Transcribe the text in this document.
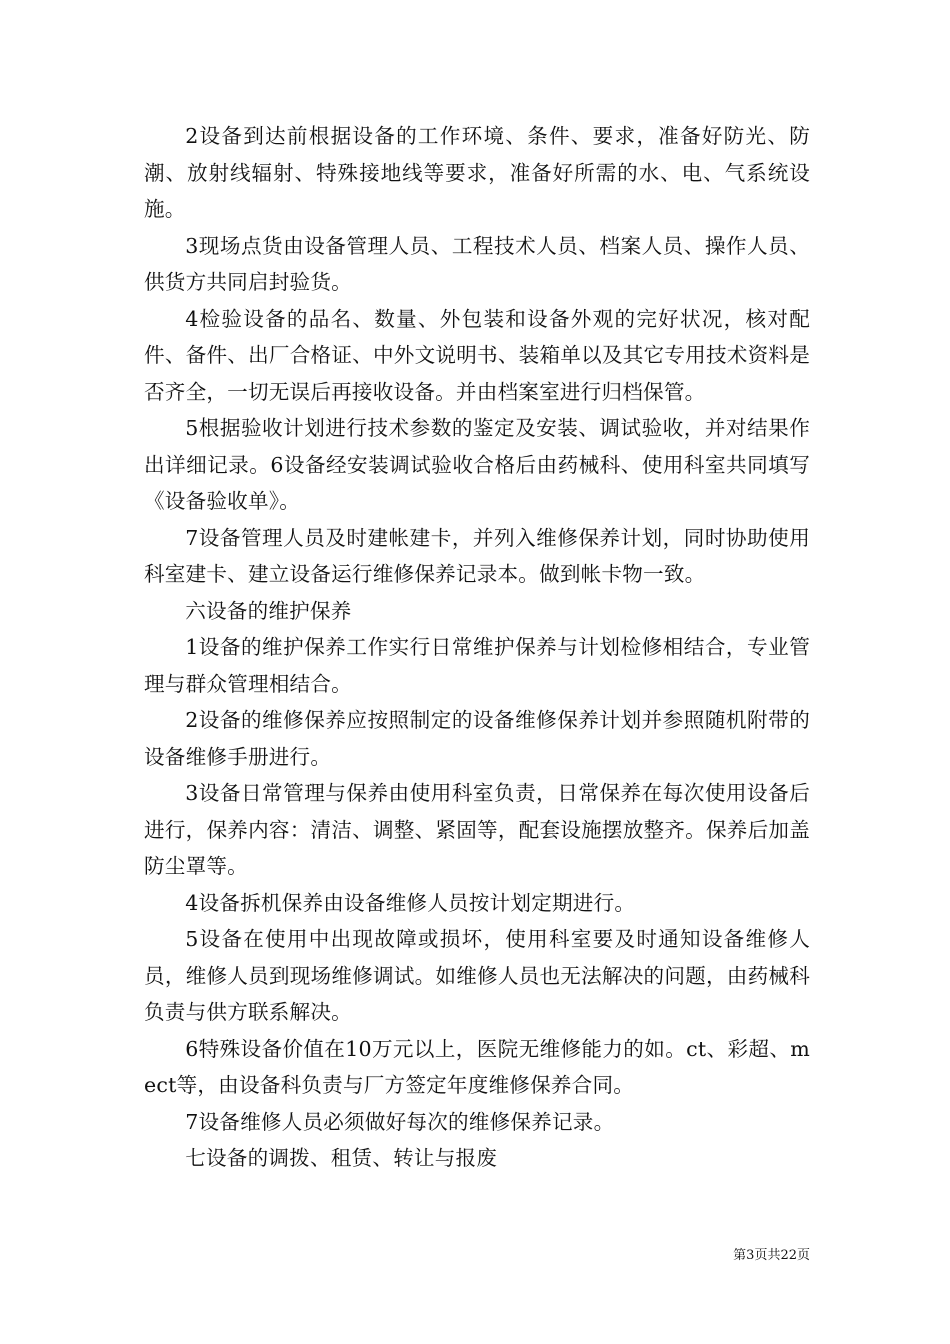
2设备到达前根据设备的工作环境、条件、要求，准备好防光、防潮、放射线辐射、特殊接地线等要求，准备好所需的水、电、气系统设施。

3现场点货由设备管理人员、工程技术人员、档案人员、操作人员、供货方共同启封验货。

4检验设备的品名、数量、外包装和设备外观的完好状况，核对配件、备件、出厂合格证、中外文说明书、装箱单以及其它专用技术资料是否齐全，一切无误后再接收设备。并由档案室进行归档保管。

5根据验收计划进行技术参数的鉴定及安装、调试验收，并对结果作出详细记录。6设备经安装调试验收合格后由药械科、使用科室共同填写《设备验收单》。

7设备管理人员及时建帐建卡，并列入维修保养计划，同时协助使用科室建卡、建立设备运行维修保养记录本。做到帐卡物一致。

六设备的维护保养

1设备的维护保养工作实行日常维护保养与计划检修相结合，专业管理与群众管理相结合。

2设备的维修保养应按照制定的设备维修保养计划并参照随机附带的设备维修手册进行。

3设备日常管理与保养由使用科室负责，日常保养在每次使用设备后进行，保养内容：清洁、调整、紧固等，配套设施摆放整齐。保养后加盖防尘罩等。

4设备拆机保养由设备维修人员按计划定期进行。

5设备在使用中出现故障或损坏，使用科室要及时通知设备维修人员，维修人员到现场维修调试。如维修人员也无法解决的问题，由药械科负责与供方联系解决。

6特殊设备价值在10万元以上，医院无维修能力的如。ct、彩超、mect等，由设备科负责与厂方签定年度维修保养合同。

7设备维修人员必须做好每次的维修保养记录。

七设备的调拨、租赁、转让与报废

第3页共22页
